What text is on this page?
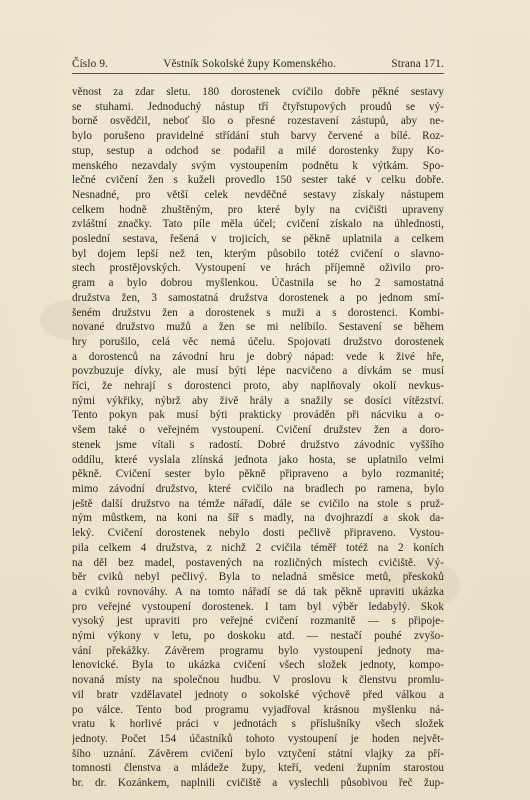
Číslo 9.	Věstník Sokolské župy Komenského.	Strana 171.
věnost za zdar sletu. 180 dorostenek cvičilo dobře pěkné sestavy
se stuhami. Jednoduchý nástup tří čtyřstupových proudů se vý-
borně osvědčil, neboť šlo o přesné rozestavení zástupů, aby ne-
bylo porušeno pravidelné střídání stuh barvy červené a bílé. Roz-
stup, sestup a odchod se podařil a milé dorostenky župy Ko-
menského nezavdaly svým vystoupením podnětu k výtkám. Spo-
lečné cvičení žen s kuželi provedlo 150 sester také v celku dobře.
Nesnadné, pro větší celek nevděčné sestavy získaly nástupem
celkem hodně zhuštěným, pro které byly na cvičišti upraveny
zvláštní značky. Tato píle měla účel; cvičení získalo na úhlednosti,
poslední sestava, řešená v trojicích, se pěkně uplatnila a celkem
byl dojem lepší než ten, kterým působilo totéž cvičení o slavno-
stech prostějovských. Vystoupení ve hrách příjemně oživilo pro-
gram a bylo dobrou myšlenkou. Účastnila se ho 2 samostatná
družstva žen, 3 samostatná družstva dorostenek a po jednom smí-
šeném družstvu žen a dorostenek s muži a s dorostenci. Kombi-
nované družstvo mužů a žen se mi nelíbilo. Sestavení se během
hry porušilo, celá věc nemá účelu. Spojovati družstvo dorostenek
a dorostenců na závodní hru je dobrý nápad: vede k živé hře,
povzbuzuje dívky, ale musí býti lépe nacvičeno a dívkám se musí
říci, že nehrají s dorostenci proto, aby naplňovaly okolí nevkus-
nými výkřiky, nýbrž aby živě hrály a snažily se dosíci vítězství.
Tento pokyn pak musí býti prakticky prováděn při nácviku a o-
všem také o veřejném vystoupení. Cvičení družstev žen a doro-
stenek jsme vítali s radostí. Dobré družstvo závodnic vyššího
oddílu, které vyslala zlínská jednota jako hosta, se uplatnilo velmi
pěkně. Cvičení sester bylo pěkně připraveno a bylo rozmanité;
mimo závodní družstvo, které cvičilo na bradlech po ramena, bylo
ještě další družstvo na témže nářadí, dále se cvičilo na stole s pruž-
ným můstkem, na koni na šíř s madly, na dvojhrazdí a skok da-
leký. Cvičení dorostenek nebylo dosti pečlivě připraveno. Vystou-
pila celkem 4 družstva, z nichž 2 cvičila téměř totéž na 2 koních
na děl bez madel, postavených na rozličných místech cvičiště. Vý-
běr cviků nebyl pečlivý. Byla to neladná směsice metů, přeskoků
a cviků rovnováhy. A na tomto nářadí se dá tak pěkně upraviti ukázka
pro veřejné vystoupení dorostenek. I tam byl výběr ledabylý. Skok
vysoký jest upraviti pro veřejné cvičení rozmanitě — s připoje-
nými výkony v letu, po doskoku atd. — nestačí pouhé zvyšo-
vání překážky. Závěrem programu bylo vystoupení jednoty ma-
lenovické. Byla to ukázka cvičení všech složek jednoty, kompo-
novaná místy na společnou hudbu. V proslovu k členstvu promlu-
vil bratr vzdělavatel jednoty o sokolské výchově před válkou a
po válce. Tento bod programu vyjadřoval krásnou myšlenku ná-
vratu k horlivé práci v jednotách s příslušníky všech složek
jednoty. Počet 154 účastníků tohoto vystoupení je hoden největ-
šího uznání. Závěrem cvičení bylo vztyčení státní vlajky za pří-
tomnosti členstva a mládeže župy, kteří, vedeni župním starostou
br. dr. Kozánkem, naplnili cvičiště a vyslechli působivou řeč žup-
